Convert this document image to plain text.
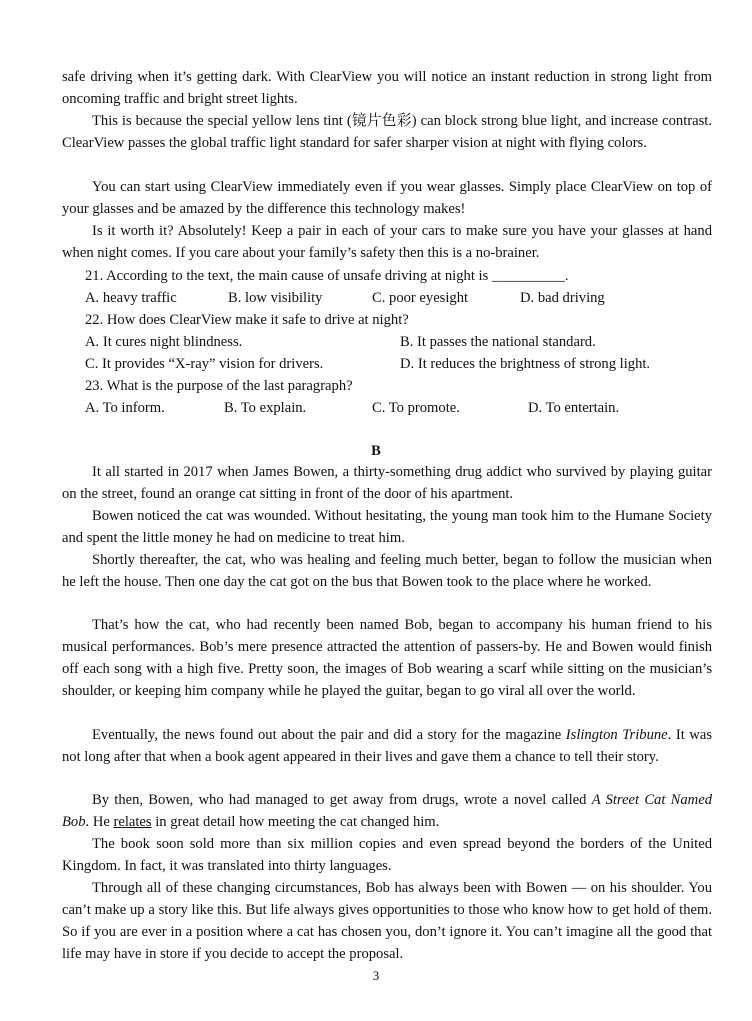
safe driving when it’s getting dark. With ClearView you will notice an instant reduction in strong light from oncoming traffic and bright street lights.

This is because the special yellow lens tint (镜片色彩) can block strong blue light, and increase contrast. ClearView passes the global traffic light standard for safer sharper vision at night with flying colors.

You can start using ClearView immediately even if you wear glasses. Simply place ClearView on top of your glasses and be amazed by the difference this technology makes!

Is it worth it? Absolutely! Keep a pair in each of your cars to make sure you have your glasses at hand when night comes. If you care about your family’s safety then this is a no-brainer.

21. According to the text, the main cause of unsafe driving at night is __________.
A. heavy traffic	B. low visibility	C. poor eyesight	D. bad driving
22. How does ClearView make it safe to drive at night?
A. It cures night blindness.	B. It passes the national standard.
C. It provides “X-ray” vision for drivers.	D. It reduces the brightness of strong light.
23. What is the purpose of the last paragraph?
A. To inform.	B. To explain.	C. To promote.	D. To entertain.
B

It all started in 2017 when James Bowen, a thirty-something drug addict who survived by playing guitar on the street, found an orange cat sitting in front of the door of his apartment.

Bowen noticed the cat was wounded. Without hesitating, the young man took him to the Humane Society and spent the little money he had on medicine to treat him.

Shortly thereafter, the cat, who was healing and feeling much better, began to follow the musician when he left the house. Then one day the cat got on the bus that Bowen took to the place where he worked.

That’s how the cat, who had recently been named Bob, began to accompany his human friend to his musical performances. Bob’s mere presence attracted the attention of passers-by. He and Bowen would finish off each song with a high five. Pretty soon, the images of Bob wearing a scarf while sitting on the musician’s shoulder, or keeping him company while he played the guitar, began to go viral all over the world.

Eventually, the news found out about the pair and did a story for the magazine Islington Tribune. It was not long after that when a book agent appeared in their lives and gave them a chance to tell their story.

By then, Bowen, who had managed to get away from drugs, wrote a novel called A Street Cat Named Bob. He relates in great detail how meeting the cat changed him.

The book soon sold more than six million copies and even spread beyond the borders of the United Kingdom. In fact, it was translated into thirty languages.

Through all of these changing circumstances, Bob has always been with Bowen — on his shoulder. You can’t make up a story like this. But life always gives opportunities to those who know how to get hold of them. So if you are ever in a position where a cat has chosen you, don’t ignore it. You can’t imagine all the good that life may have in store if you decide to accept the proposal.

3
